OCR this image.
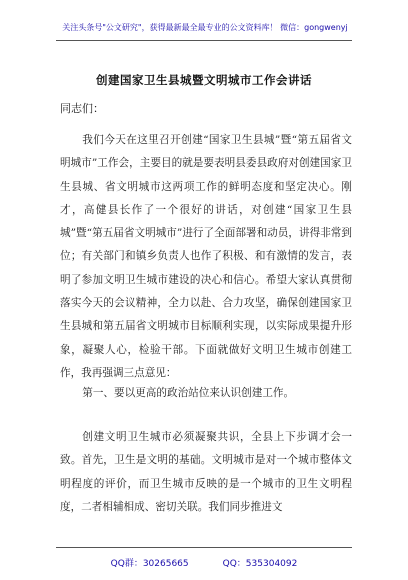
关注头条号"公文研究"，获得最新最全最专业的公文资料库！ 微信：gongwenyj
创建国家卫生县城暨文明城市工作会讲话
同志们：
我们今天在这里召开创建“国家卫生县城”暨“第五届省文明城市”工作会，主要目的就是要表明县委县政府对创建国家卫生县城、省文明城市这两项工作的鲜明态度和坚定决心。刚才，高健县长作了一个很好的讲话，对创建“国家卫生县城”暨“第五届省文明城市”进行了全面部署和动员，讲得非常到位；有关部门和镇乡负责人也作了积极、和有激情的发言，表明了参加文明卫生城市建设的决心和信心。希望大家认真贯彻落实今天的会议精神，全力以赴、合力攻坚，确保创建国家卫生县城和第五届省文明城市目标顺利实现，以实际成果提升形象，凝聚人心，检验干部。下面就做好文明卫生城市创建工作，我再强调三点意见：
第一、要以更高的政治站位来认识创建工作。
创建文明卫生城市必须凝聚共识，全县上下步调才会一致。首先，卫生是文明的基础。文明城市是对一个城市整体文明程度的评价，而卫生城市反映的是一个城市的卫生文明程度，二者相辅相成、密切关联。我们同步推进文
QQ群：30265665	QQ：535304092
